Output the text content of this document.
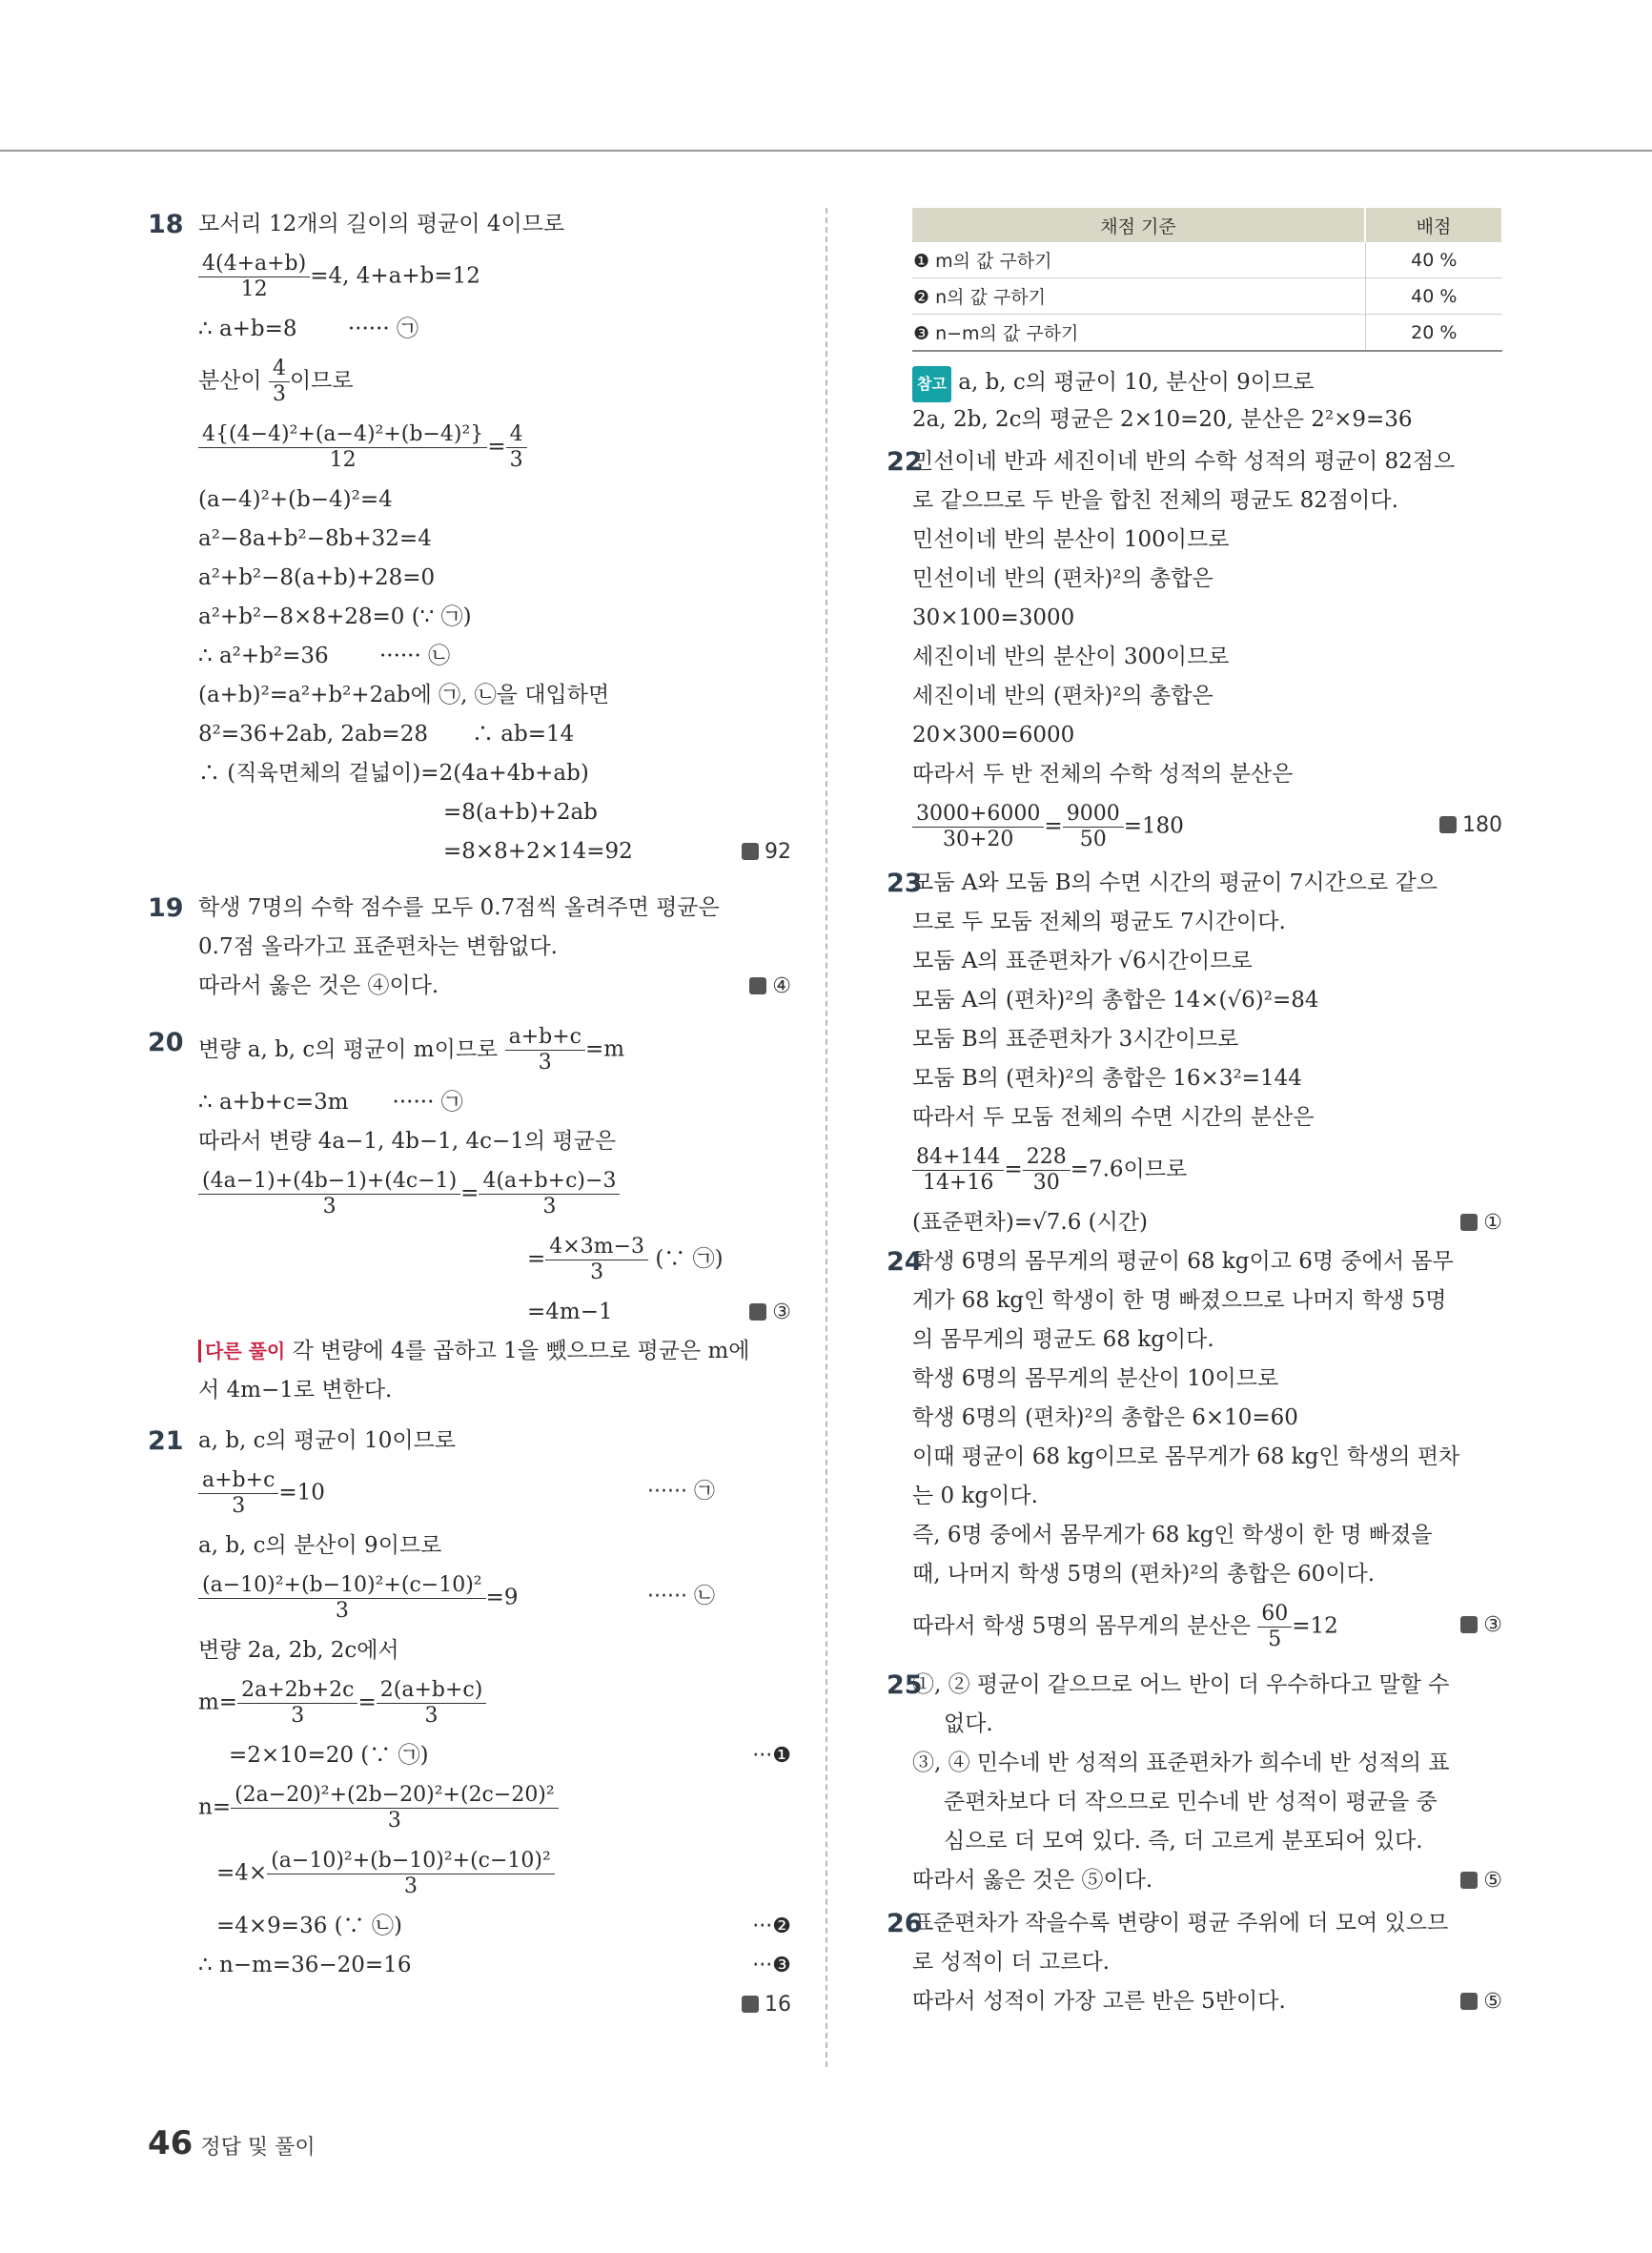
18 모서리 12개의 길이의 평균이 4이므로
$\frac{4(4+a+b)}{12} =4$, 4+a+b=12
∴ a+b=8　　 ······ ㉠
분산이 $\frac{4}{3}$ 이므로
$\frac{\text{4\{(4−4)²+(a−4)²+(b−4)²\}}}{12} = \frac{4}{3}$
(a−4)²+(b−4)²=4
a²−8a+b²−8b+32=4
a²+b²−8(a+b)+28=0
a²+b²−8×8+28=0 (∵ ㉠)
∴ a²+b²=36　　 ······ ㉡
(a+b)²=a²+b²+2ab에 ㉠, ㉡을 대입하면
8²=36+2ab, 2ab=28　　∴ ab=14
∴ (직육면체의 겉넓이)=2(4a+4b+ab)
=8(a+b)+2ab
=8×8+2×14=92	92
19 학생 7명의 수학 점수를 모두 0.7점씩 올려주면 평균은
0.7점 올라가고 표준편차는 변함없다.
따라서 옳은 것은 ④이다.	④
20 변량 a, b, c의 평균이 m이므로 $\frac{a+b+c}{3} =m$
∴ a+b+c=3m　　······ ㉠
따라서 변량 4a−1, 4b−1, 4c−1의 평균은
$\frac{(4a-1)+(4b-1)+(4c-1)}{3} = \frac{4(a+b+c)-3}{3}$
= $\frac{4\times 3m-3}{3}$ (∵ ㉠)
=4m−1	③
다른 풀이 각 변량에 4를 곱하고 1을 뺐으므로 평균은 m에
서 4m−1로 변한다.
21 a, b, c의 평균이 10이므로
$\frac{a+b+c}{3} =10$	······ ㉠
a, b, c의 분산이 9이므로
$\frac{\text{(a−10)²+(b−10)²+(c−10)²}}{3} =9$	······ ㉡
변량 2a, 2b, 2c에서
$m= \frac{2a+2b+2c}{3} = \frac{2(a+b+c)}{3}$
=2×10=20 (∵ ㉠)	···❶
$n= \frac{\text{(2a−20)²+(2b−20)²+(2c−20)²}}{3}$
$=4\times \frac{\text{(a−10)²+(b−10)²+(c−10)²}}{3}$
=4×9=36 (∵ ㉡)	···❷
∴ n−m=36−20=16	···❸
16

채점 기준	배점
❶ m의 값 구하기	40 %
❷ n의 값 구하기	40 %
❸ n−m의 값 구하기	20 %
참고 a, b, c의 평균이 10, 분산이 9이므로
2a, 2b, 2c의 평균은 2×10=20, 분산은 2²×9=36
22
민선이네 반과 세진이네 반의 수학 성적의 평균이 82점으
로 같으므로 두 반을 합친 전체의 평균도 82점이다.
민선이네 반의 분산이 100이므로
민선이네 반의 (편차)²의 총합은
30×100=3000
세진이네 반의 분산이 300이므로
세진이네 반의 (편차)²의 총합은
20×300=6000
따라서 두 반 전체의 수학 성적의 분산은
$\frac{3000+6000}{30+20} = \frac{9000}{50} =180$	180
23
모둠 A와 모둠 B의 수면 시간의 평균이 7시간으로 같으
므로 두 모둠 전체의 평균도 7시간이다.
모둠 A의 표준편차가 √6시간이므로
모둠 A의 (편차)²의 총합은 14×(√6)²=84
모둠 B의 표준편차가 3시간이므로
모둠 B의 (편차)²의 총합은 16×3²=144
따라서 두 모둠 전체의 수면 시간의 분산은
$\frac{84+144}{14+16} = \frac{228}{30} =7.6$이므로
(표준편차)=√7.6 (시간)	①
24
학생 6명의 몸무게의 평균이 68 kg이고 6명 중에서 몸무
게가 68 kg인 학생이 한 명 빠졌으므로 나머지 학생 5명
의 몸무게의 평균도 68 kg이다.
학생 6명의 몸무게의 분산이 10이므로
학생 6명의 (편차)²의 총합은 6×10=60
이때 평균이 68 kg이므로 몸무게가 68 kg인 학생의 편차
는 0 kg이다.
즉, 6명 중에서 몸무게가 68 kg인 학생이 한 명 빠졌을
때, 나머지 학생 5명의 (편차)²의 총합은 60이다.
따라서 학생 5명의 몸무게의 분산은 $\frac{60}{5} =12$	③
25
①, ② 평균이 같으므로 어느 반이 더 우수하다고 말할 수
없다.
③, ④ 민수네 반 성적의 표준편차가 희수네 반 성적의 표
준편차보다 더 작으므로 민수네 반 성적이 평균을 중
심으로 더 모여 있다. 즉, 더 고르게 분포되어 있다.
따라서 옳은 것은 ⑤이다.	⑤
26
표준편차가 작을수록 변량이 평균 주위에 더 모여 있으므
로 성적이 더 고르다.
따라서 성적이 가장 고른 반은 5반이다.	⑤
46 정답 및 풀이
